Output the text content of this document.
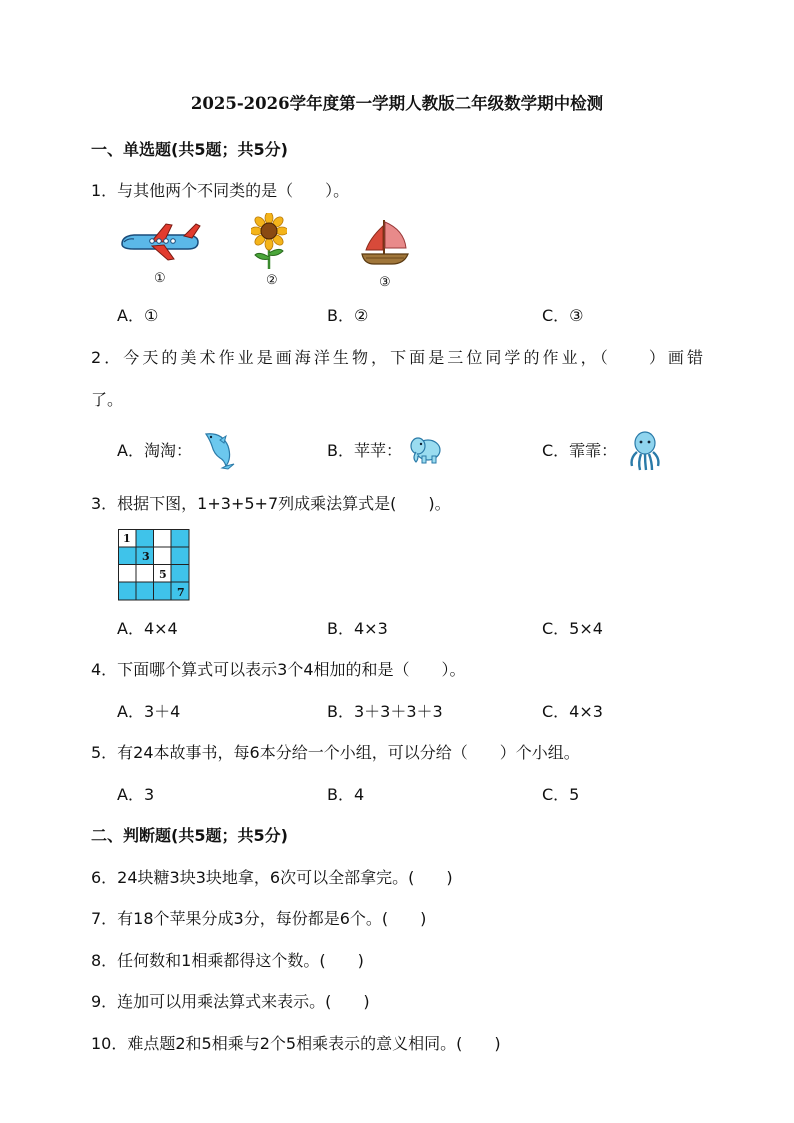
2025-2026学年度第一学期人教版二年级数学期中检测
一、单选题(共5题；共5分)
1．与其他两个不同类的是（　　）。
①	②	③
A．①	B．②	C．③
2．今天的美术作业是画海洋生物，下面是三位同学的作业，（　　）画错
了。
A．淘淘：	B．苹苹：	C．霏霏：
3．根据下图，1+3+5+7列成乘法算式是(　　)。
1
3
5
7
A．4×4	B．4×3	C．5×4
4．下面哪个算式可以表示3个4相加的和是（　　）。
A．3＋4	B．3＋3＋3＋3	C．4×3
5．有24本故事书，每6本分给一个小组，可以分给（　　）个小组。
A．3	B．4	C．5
二、判断题(共5题；共5分)
6．24块糖3块3块地拿，6次可以全部拿完。(　　)
7．有18个苹果分成3分，每份都是6个。(　　)
8．任何数和1相乘都得这个数。(　　)
9．连加可以用乘法算式来表示。(　　)
10．难点题2和5相乘与2个5相乘表示的意义相同。(　　)
